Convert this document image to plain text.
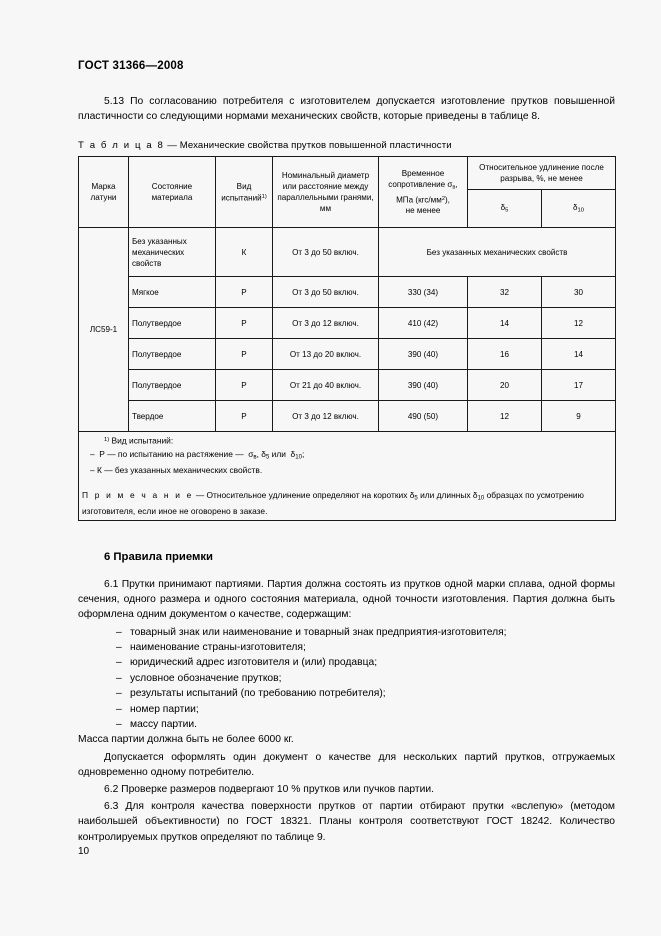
ГОСТ 31366—2008

5.13 По согласованию потребителя с изготовителем допускается изготовление прутков повышенной пластичности со следующими нормами механических свойств, которые приведены в таблице 8.

Т а б л и ц а 8 — Механические свойства прутков повышенной пластичности
Марка латуни	Состояние материала	Вид испытаний$^{1)}$	Номинальный диаметр или расстояние между параллельными гранями, мм	Временное сопротивление $\sigma_в$,
МПа $(кгс/мм^2)$,
не менее	Относительное удлинение после разрыва, %, не менее	
					$\delta_5$	$\delta_{10}$
ЛС59-1	Без указанных механических свойств	К	От 3 до 50 включ.	Без указанных механических свойств		
	Мягкое	Р	От 3 до 50 включ.	330 (34)	32	30
	Полутвердое	Р	От 3 до 12 включ.	410 (42)	14	12
	Полутвердое	Р	От 13 до 20 включ.	390 (40)	16	14
	Полутвердое	Р	От 21 до 40 включ.	390 (40)	20	17
	Твердое	Р	От 3 до 12 включ.	490 (50)	12	9

$^{1)}$ Вид испытаний:
–  Р — по испытанию на растяжение —  $\sigma_в$, $\delta_5$ или  $\delta_{10}$;
– К — без указанных механических свойств.
П р и м е ч а н и е — Относительное удлинение определяют на коротких $\delta_5$ или длинных $\delta_{10}$ образцах по усмотрению изготовителя, если иное не оговорено в заказе.						
6 Правила приемки

6.1 Прутки принимают партиями. Партия должна состоять из прутков одной марки сплава, одной формы сечения, одного размера и одного состояния материала, одной точности изготовления. Партия должна быть оформлена одним документом о качестве, содержащим:

– товарный знак или наименование и товарный знак предприятия-изготовителя;
– наименование страны-изготовителя;
– юридический адрес изготовителя и (или) продавца;
– условное обозначение прутков;
– результаты испытаний (по требованию потребителя);
– номер партии;
– массу партии.

Масса партии должна быть не более 6000 кг.

Допускается оформлять один документ о качестве для нескольких партий прутков, отгружаемых одновременно одному потребителю.

6.2 Проверке размеров подвергают 10 % прутков или пучков партии.

6.3 Для контроля качества поверхности прутков от партии отбирают прутки «вслепую» (методом наибольшей объективности) по ГОСТ 18321. Планы контроля соответствуют ГОСТ 18242. Количество контролируемых прутков определяют по таблице 9.

10
